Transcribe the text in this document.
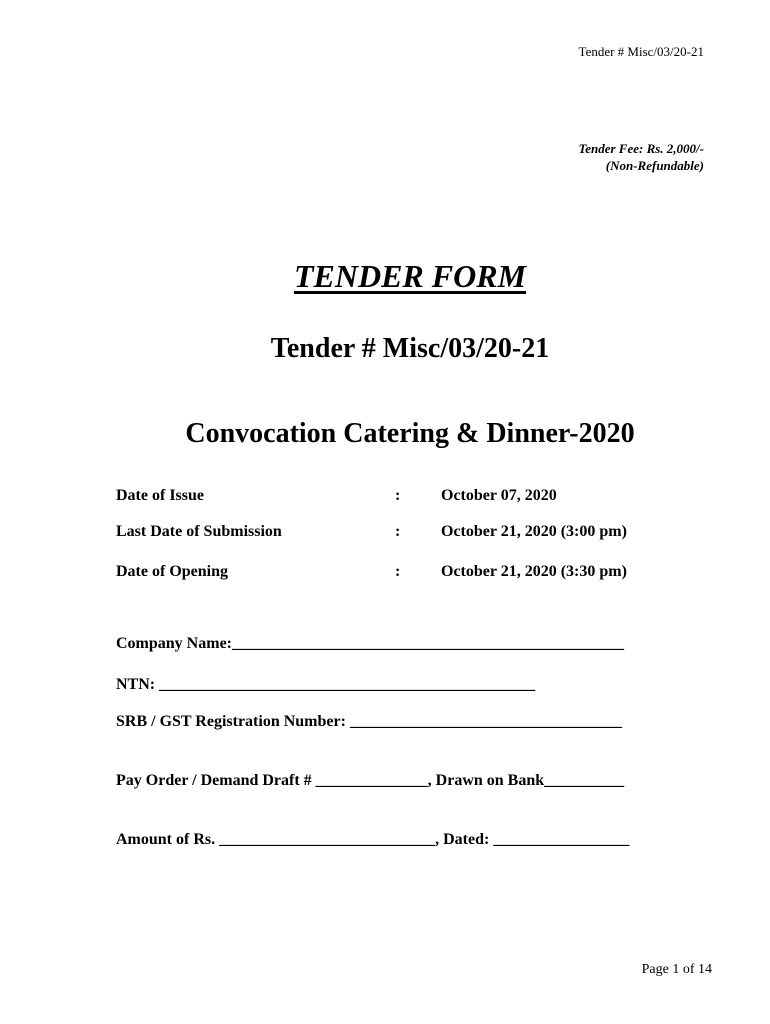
Tender # Misc/03/20-21
Tender Fee: Rs. 2,000/-
(Non-Refundable)
TENDER FORM
Tender # Misc/03/20-21
Convocation Catering & Dinner-2020
Date of Issue	:	October 07, 2020
Last Date of Submission	:	October 21, 2020 (3:00 pm)
Date of Opening	:	October 21, 2020 (3:30 pm)
Company Name:_________________________________________________
NTN: _______________________________________________
SRB / GST Registration Number: __________________________________
Pay Order / Demand Draft # ______________, Drawn on Bank__________
Amount of Rs. ___________________________, Dated: _________________
Page 1 of 14
